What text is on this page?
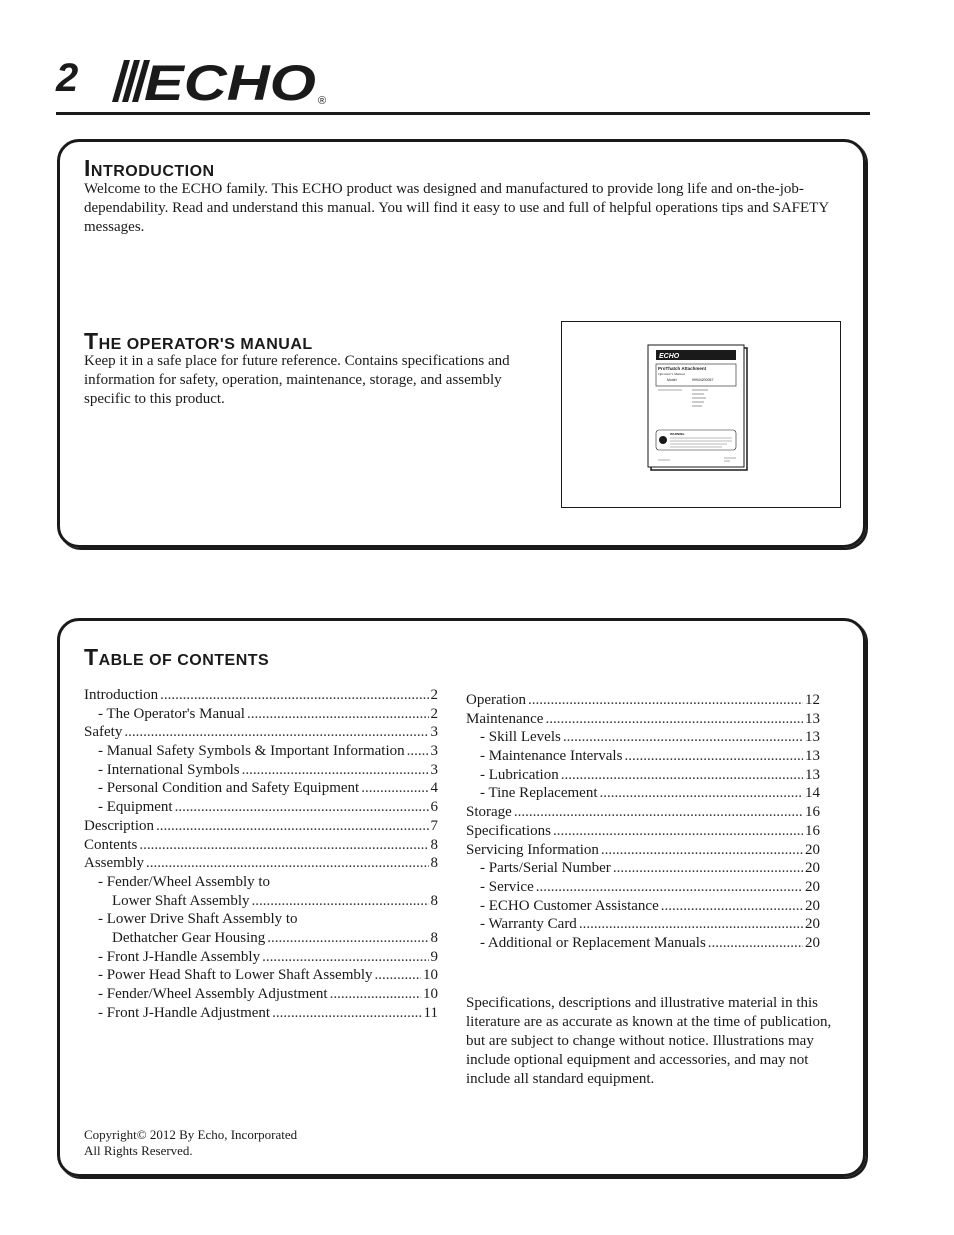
2 ECHO ®
INTRODUCTION

Welcome to the ECHO family. This ECHO product was designed and manufactured to provide long life and on-the-job-dependability. Read and understand this manual. You will find it easy to use and full of helpful operations tips and SAFETY messages.

THE OPERATOR'S MANUAL

Keep it in a safe place for future reference. Contains specifications and information for safety, operation, maintenance, storage, and assembly specific to this product.

ECHO
ProThatch Attachment
Operator's Manual
Model	99944200057
WARNING
TABLE OF CONTENTS
Introduction .....	2
- The Operator's Manual .....	2
Safety .....	3
- Manual Safety Symbols & Important Information ..... 3
- International Symbols .....	3
- Personal Condition and Safety Equipment .....	4
- Equipment .....	6
Description .....	7
Contents .....	8
Assembly .....	8
- Fender/Wheel Assembly to
Lower Shaft Assembly .....	8
- Lower Drive Shaft Assembly to
Dethatcher Gear Housing .....	8
- Front J-Handle Assembly .....	9
- Power Head Shaft to Lower Shaft Assembly .....	10
- Fender/Wheel Assembly Adjustment .....	10
- Front J-Handle Adjustment .....	11
Operation .....	12
Maintenance .....	13
- Skill Levels .....	13
- Maintenance Intervals .....	13
- Lubrication .....	13
- Tine Replacement .....	14
Storage .....	16
Specifications .....	16
Servicing Information .....	20
- Parts/Serial Number .....	20
- Service .....	20
- ECHO Customer Assistance .....	20
- Warranty Card .....	20
- Additional or Replacement Manuals .....	20

Specifications, descriptions and illustrative material in this literature are as accurate as known at the time of publication, but are subject to change without notice. Illustrations may include optional equipment and accessories, and may not include all standard equipment.

Copyright© 2012 By Echo, Incorporated

All Rights Reserved.
